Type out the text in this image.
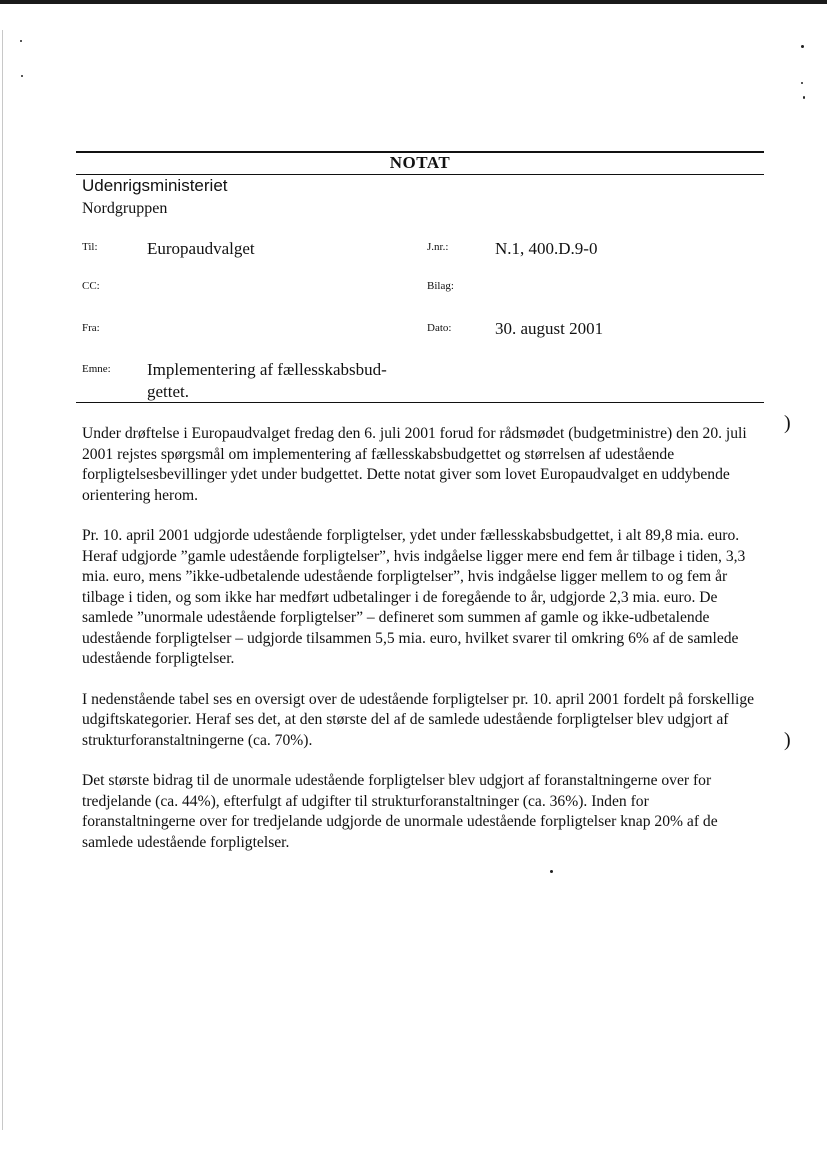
NOTAT
Udenrigsministeriet
Nordgruppen
Til:	Europaudvalget	J.nr.:	N.1, 400.D.9-0
CC:	Bilag:
Fra:	Dato:	30. august 2001
Emne: Implementering af fællesskabsbud-gettet.

Under drøftelse i Europaudvalget fredag den 6. juli 2001 forud for rådsmødet (budgetministre) den 20. juli 2001 rejstes spørgsmål om implementering af fællesskabsbudgettet og størrelsen af udestående forpligtelsesbevillinger ydet under budgettet. Dette notat giver som lovet Europaudvalget en uddybende orientering herom.

Pr. 10. april 2001 udgjorde udestående forpligtelser, ydet under fællesskabsbudgettet, i alt 89,8 mia. euro. Heraf udgjorde ”gamle udestående forpligtelser”, hvis indgåelse ligger mere end fem år tilbage i tiden, 3,3 mia. euro, mens ”ikke-udbetalende udestående forpligtelser”, hvis indgåelse ligger mellem to og fem år tilbage i tiden, og som ikke har medført udbetalinger i de foregående to år, udgjorde 2,3 mia. euro. De samlede ”unormale udestående forpligtelser” – defineret som summen af gamle og ikke-udbetalende udestående forpligtelser – udgjorde tilsammen 5,5 mia. euro, hvilket svarer til omkring 6% af de samlede udestående forpligtelser.

I nedenstående tabel ses en oversigt over de udestående forpligtelser pr. 10. april 2001 fordelt på forskellige udgiftskategorier. Heraf ses det, at den største del af de samlede udestående forpligtelser blev udgjort af strukturforanstaltningerne (ca. 70%).

Det største bidrag til de unormale udestående forpligtelser blev udgjort af foranstaltningerne over for tredjelande (ca. 44%), efterfulgt af udgifter til strukturforanstaltninger (ca. 36%). Inden for foranstaltningerne over for tredjelande udgjorde de unormale udestående forpligtelser knap 20% af de samlede udestående forpligtelser.

)
)
